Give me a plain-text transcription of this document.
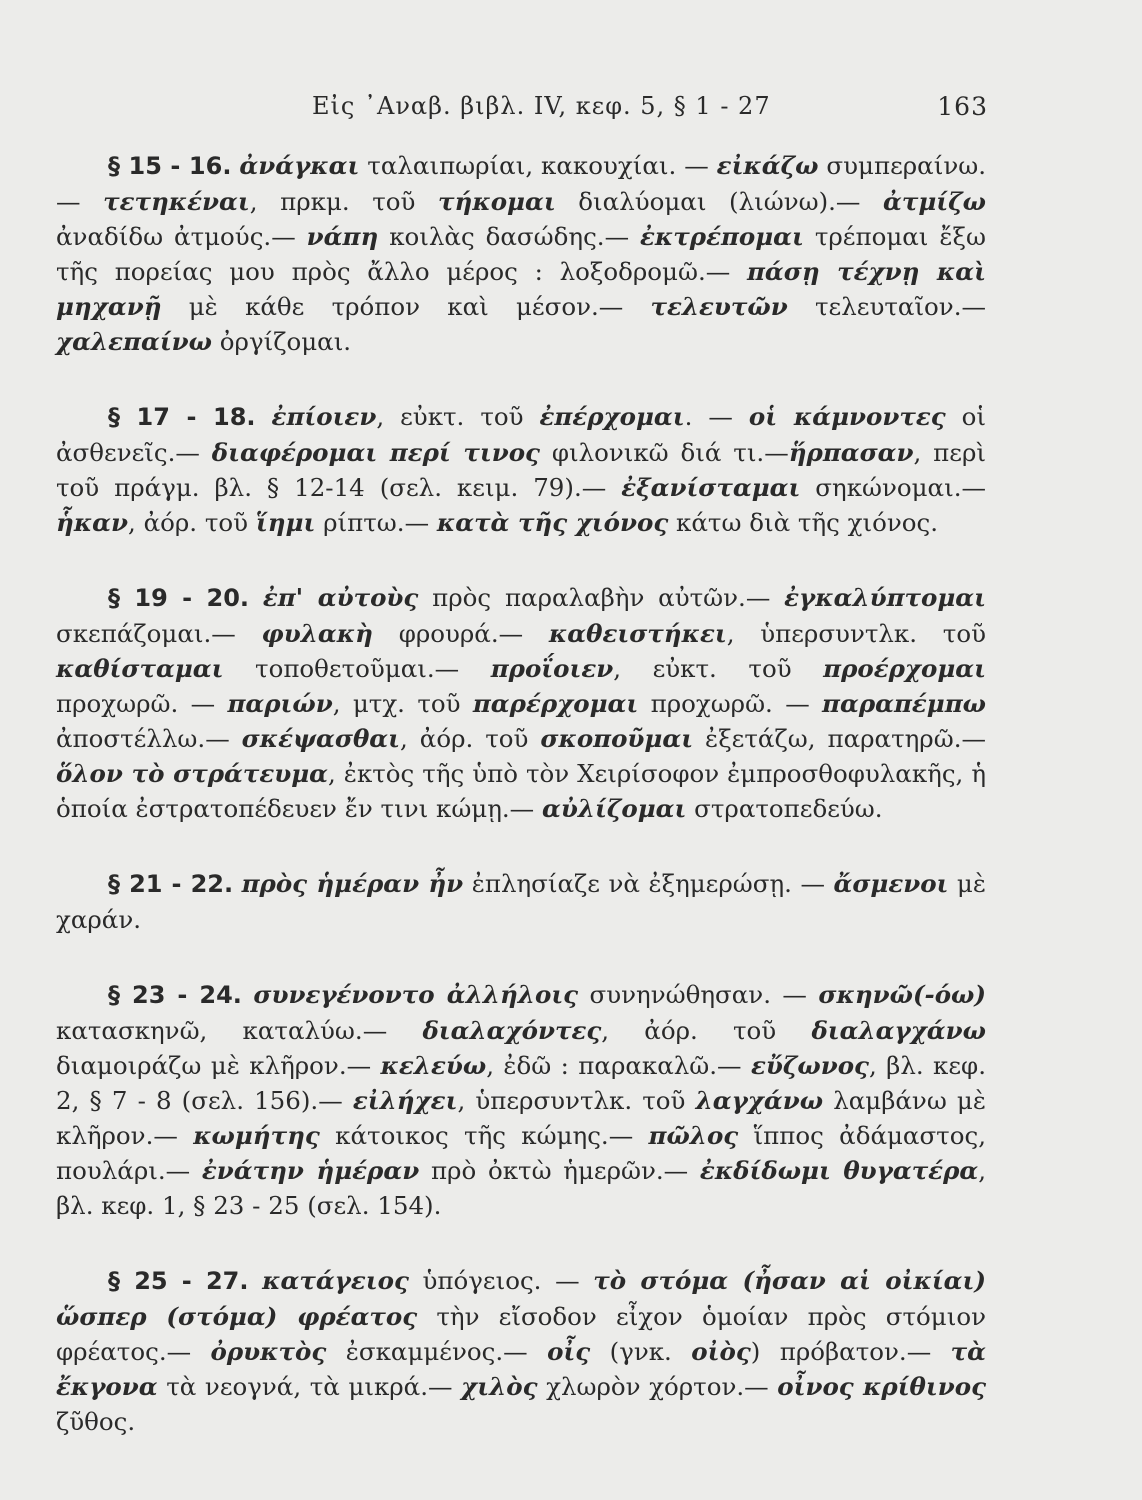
Εἰς ᾿Αναβ. βιβλ. IV, κεφ. 5, § 1 - 27	163

§ 15 - 16. ἀνάγκαι ταλαιπωρίαι, κακουχίαι. — εἰκάζω συμπεραίνω.— τετηκέναι, πρκμ. τοῦ τήκομαι διαλύομαι (λιώνω).— ἀτμίζω ἀναδίδω ἀτμούς.— νάπη κοιλὰς δασώδης.— ἐκτρέπομαι τρέπομαι ἔξω τῆς πορείας μου πρὸς ἄλλο μέρος : λοξοδρομῶ.— πάσῃ τέχνῃ καὶ μηχανῇ μὲ κάθε τρόπον καὶ μέσον.— τελευτῶν τελευταῖον.— χαλεπαίνω ὀργίζομαι.

§ 17 - 18. ἐπίοιεν, εὐκτ. τοῦ ἐπέρχομαι. — οἱ κάμνοντες οἱ ἀσθενεῖς.— διαφέρομαι περί τινος φιλονικῶ διά τι.—ἥρπασαν, περὶ τοῦ πράγμ. βλ. § 12-14 (σελ. κειμ. 79).— ἐξανίσταμαι σηκώνομαι.— ἧκαν, ἀόρ. τοῦ ἵημι ρίπτω.— κατὰ τῆς χιόνος κάτω διὰ τῆς χιόνος.

§ 19 - 20. ἐπ' αὐτοὺς πρὸς παραλαβὴν αὐτῶν.— ἐγκαλύπτομαι σκεπάζομαι.— φυλακὴ φρουρά.— καθειστήκει, ὑπερσυντλκ. τοῦ καθίσταμαι τοποθετοῦμαι.— προΐοιεν, εὐκτ. τοῦ προέρχομαι προχωρῶ. — παριών, μτχ. τοῦ παρέρχομαι προχωρῶ. — παραπέμπω ἀποστέλλω.— σκέψασθαι, ἀόρ. τοῦ σκοποῦμαι ἐξετάζω, παρατηρῶ.— ὅλον τὸ στράτευμα, ἐκτὸς τῆς ὑπὸ τὸν Χειρίσοφον ἐμπροσθοφυλακῆς, ἡ ὁποία ἐστρατοπέδευεν ἔν τινι κώμῃ.— αὐλίζομαι στρατοπεδεύω.

§ 21 - 22. πρὸς ἡμέραν ἦν ἐπλησίαζε νὰ ἐξημερώσῃ. — ἄσμενοι μὲ χαράν.

§ 23 - 24. συνεγένοντο ἀλλήλοις συνηνώθησαν. — σκηνῶ(-όω) κατασκηνῶ, καταλύω.— διαλαχόντες, ἀόρ. τοῦ διαλαγχάνω διαμοιράζω μὲ κλῆρον.— κελεύω, ἐδῶ : παρακαλῶ.— εὔζωνος, βλ. κεφ. 2, § 7 - 8 (σελ. 156).— εἰλήχει, ὑπερσυντλκ. τοῦ λαγχάνω λαμβάνω μὲ κλῆρον.— κωμήτης κάτοικος τῆς κώμης.— πῶλος ἵππος ἀδάμαστος, πουλάρι.— ἐνάτην ἡμέραν πρὸ ὀκτὼ ἡμερῶν.— ἐκδίδωμι θυγατέρα, βλ. κεφ. 1, § 23 - 25 (σελ. 154).

§ 25 - 27. κατάγειος ὑπόγειος. — τὸ στόμα (ἦσαν αἱ οἰκίαι) ὥσπερ (στόμα) φρέατος τὴν εἴσοδον εἶχον ὁμοίαν πρὸς στόμιον φρέατος.— ὀρυκτὸς ἐσκαμμένος.— οἶς (γνκ. οἰὸς) πρόβατον.— τὰ ἔκγονα τὰ νεογνά, τὰ μικρά.— χιλὸς χλωρὸν χόρτον.— οἶνος κρίθινος ζῦθος.
